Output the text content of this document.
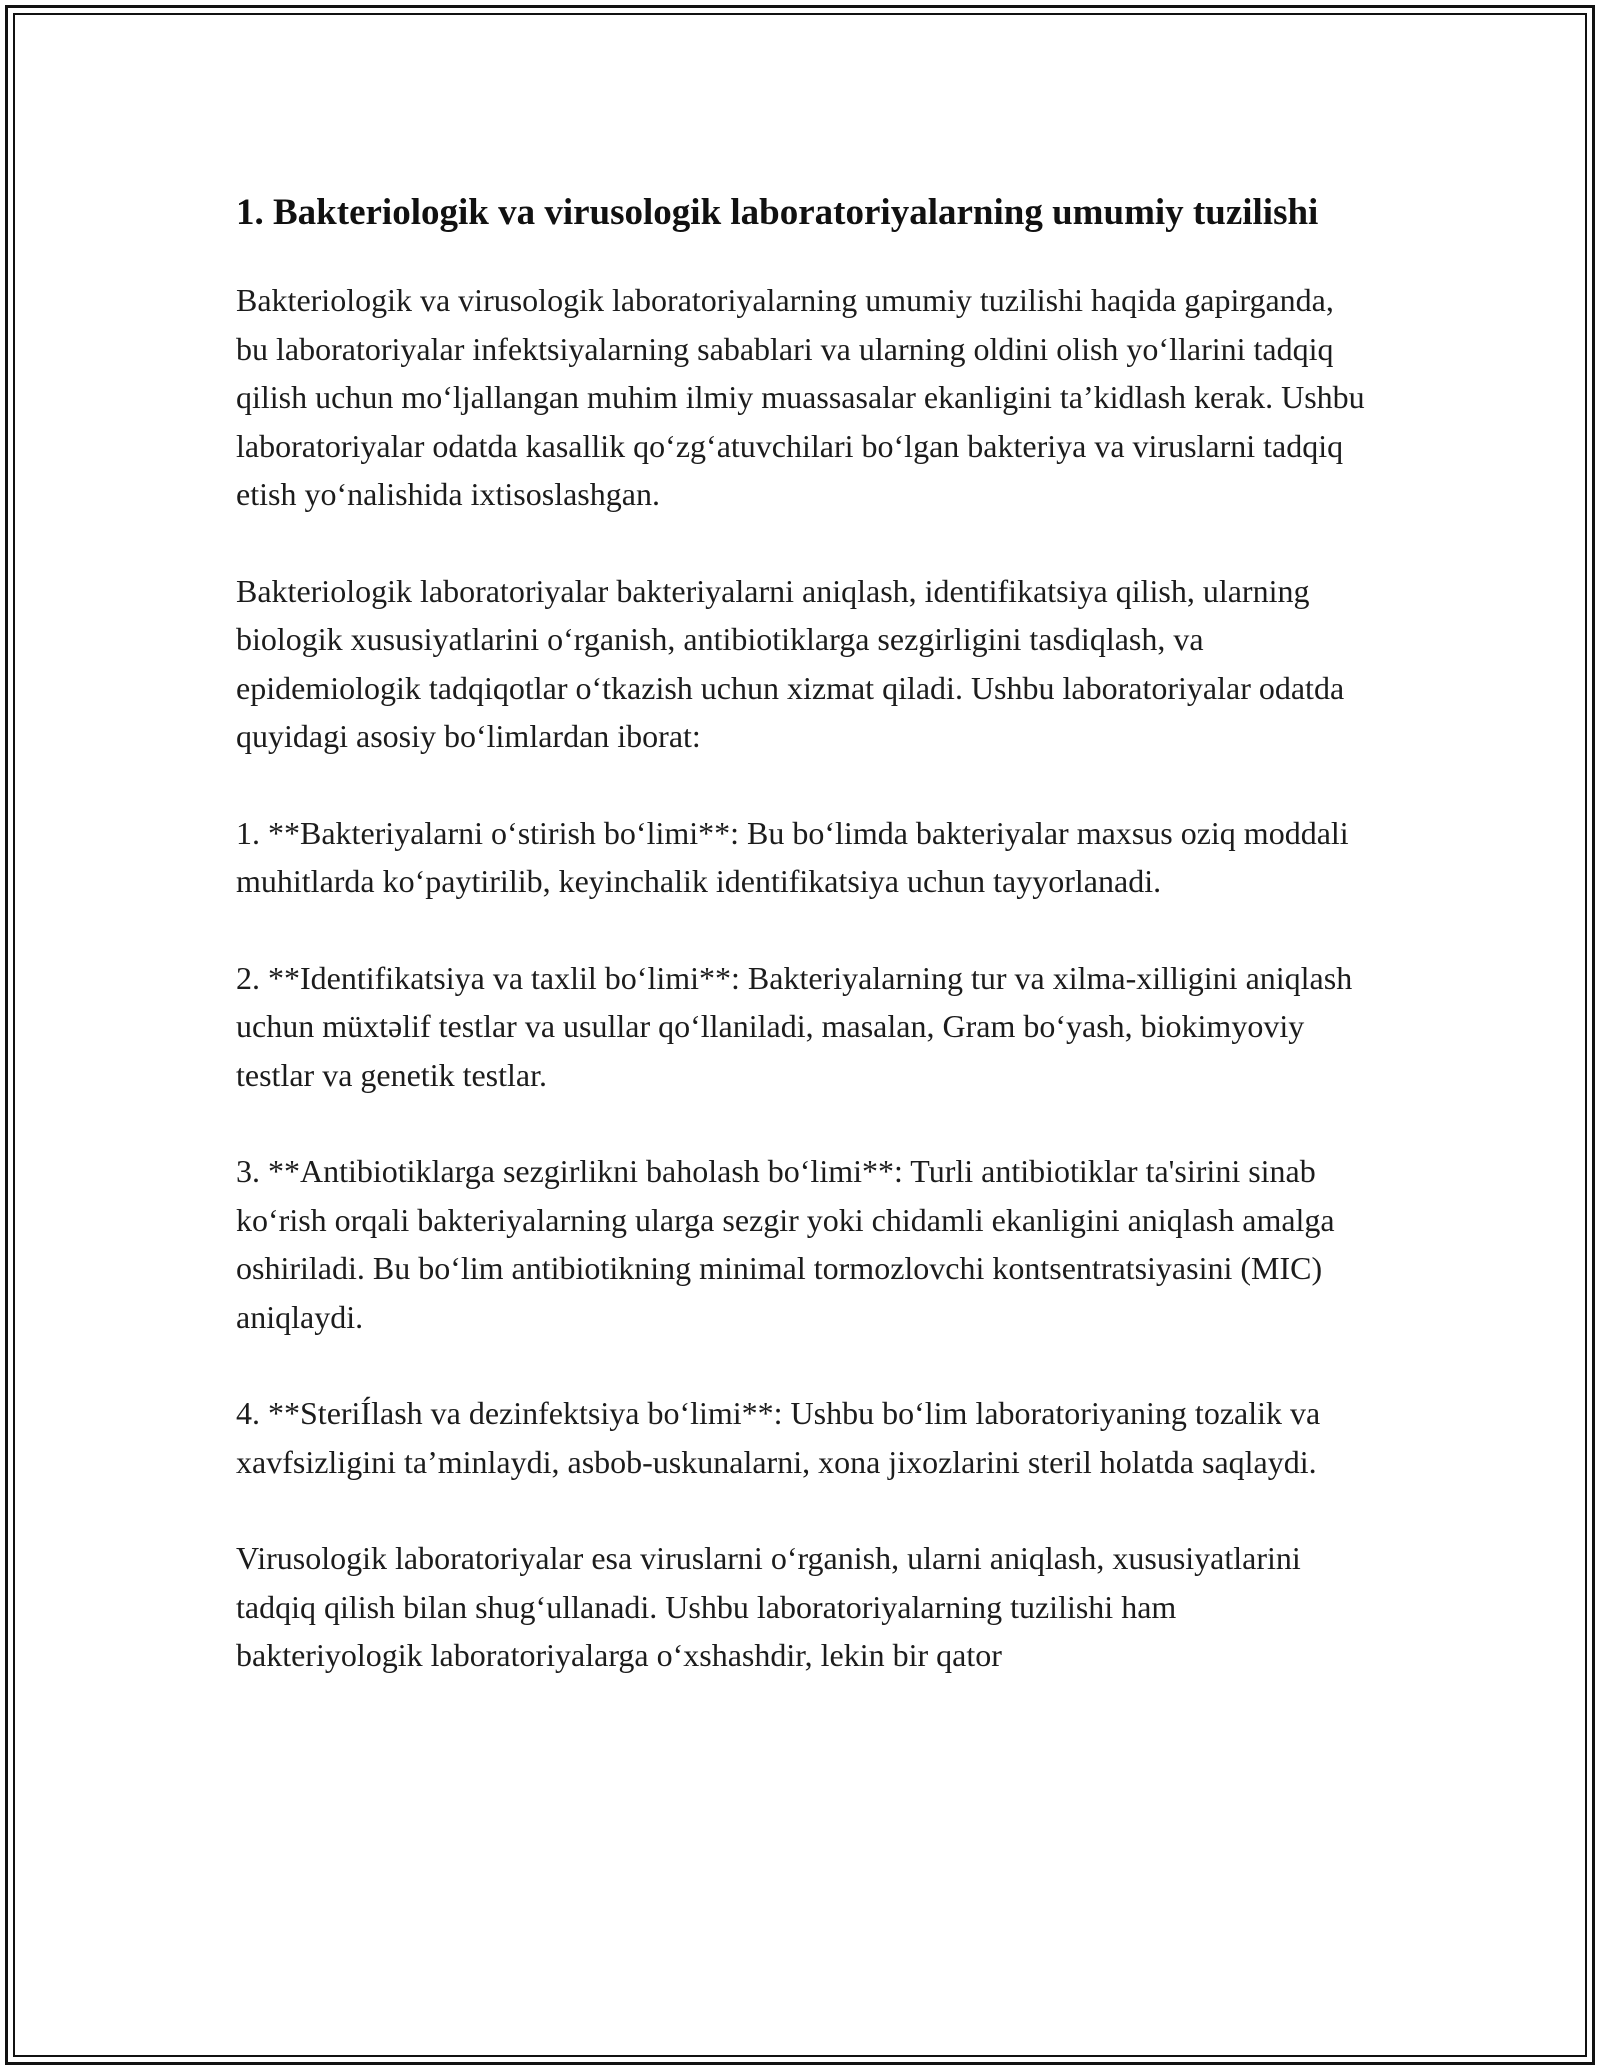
1. Bakteriologik va virusologik laboratoriyalarning umumiy tuzilishi

Bakteriologik va virusologik laboratoriyalarning umumiy tuzilishi haqida gapirganda, bu laboratoriyalar infektsiyalarning sabablari va ularning oldini olish yo‘llarini tadqiq qilish uchun mo‘ljallangan muhim ilmiy muassasalar ekanligini ta’kidlash kerak. Ushbu laboratoriyalar odatda kasallik qo‘zg‘atuvchilari bo‘lgan bakteriya va viruslarni tadqiq etish yo‘nalishida ixtisoslashgan.

Bakteriologik laboratoriyalar bakteriyalarni aniqlash, identifikatsiya qilish, ularning biologik xususiyatlarini o‘rganish, antibiotiklarga sezgirligini tasdiqlash, va epidemiologik tadqiqotlar o‘tkazish uchun xizmat qiladi. Ushbu laboratoriyalar odatda quyidagi asosiy bo‘limlardan iborat:

1. **Bakteriyalarni o‘stirish bo‘limi**: Bu bo‘limda bakteriyalar maxsus oziq moddali muhitlarda ko‘paytirilib, keyinchalik identifikatsiya uchun tayyorlanadi.

2. **Identifikatsiya va taxlil bo‘limi**: Bakteriyalarning tur va xilma-xilligini aniqlash uchun müxtəlif testlar va usullar qo‘llaniladi, masalan, Gram bo‘yash, biokimyoviy testlar va genetik testlar.

3. **Antibiotiklarga sezgirlikni baholash bo‘limi**: Turli antibiotiklar ta'sirini sinab ko‘rish orqali bakteriyalarning ularga sezgir yoki chidamli ekanligini aniqlash amalga oshiriladi. Bu bo‘lim antibiotikning minimal tormozlovchi kontsentratsiyasini (MIC) aniqlaydi.

4. **SteriÍlash va dezinfektsiya bo‘limi**: Ushbu bo‘lim laboratoriyaning tozalik va xavfsizligini ta’minlaydi, asbob-uskunalarni, xona jixozlarini steril holatda saqlaydi.

Virusologik laboratoriyalar esa viruslarni o‘rganish, ularni aniqlash, xususiyatlarini tadqiq qilish bilan shug‘ullanadi. Ushbu laboratoriyalarning tuzilishi ham bakteriyologik laboratoriyalarga o‘xshashdir, lekin bir qator
